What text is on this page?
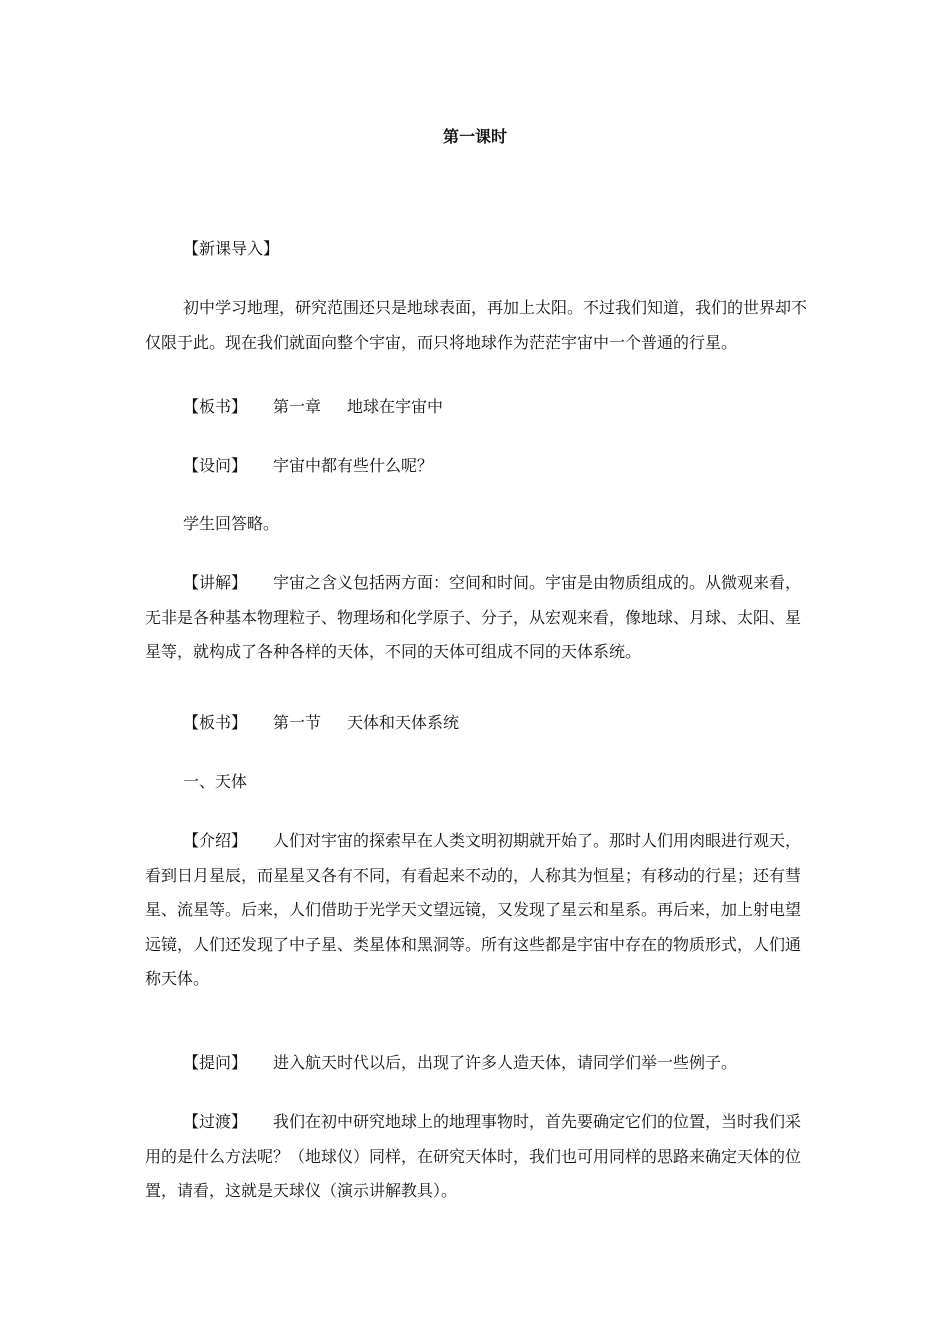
第一课时

【新课导入】

初中学习地理，研究范围还只是地球表面，再加上太阳。不过我们知道，我们的世界却不仅限于此。现在我们就面向整个宇宙，而只将地球作为茫茫宇宙中一个普通的行星。

【板书】 第一章 地球在宇宙中

【设问】 宇宙中都有些什么呢？

学生回答略。

【讲解】 宇宙之含义包括两方面：空间和时间。宇宙是由物质组成的。从微观来看，无非是各种基本物理粒子、物理场和化学原子、分子，从宏观来看，像地球、月球、太阳、星星等，就构成了各种各样的天体，不同的天体可组成不同的天体系统。

【板书】 第一节 天体和天体系统

一、天体

【介绍】 人们对宇宙的探索早在人类文明初期就开始了。那时人们用肉眼进行观天，看到日月星辰，而星星又各有不同，有看起来不动的，人称其为恒星；有移动的行星；还有彗星、流星等。后来，人们借助于光学天文望远镜，又发现了星云和星系。再后来，加上射电望远镜，人们还发现了中子星、类星体和黑洞等。所有这些都是宇宙中存在的物质形式，人们通称天体。

【提问】 进入航天时代以后，出现了许多人造天体，请同学们举一些例子。

【过渡】 我们在初中研究地球上的地理事物时，首先要确定它们的位置，当时我们采用的是什么方法呢？（地球仪）同样，在研究天体时，我们也可用同样的思路来确定天体的位置，请看，这就是天球仪（演示讲解教具）。
